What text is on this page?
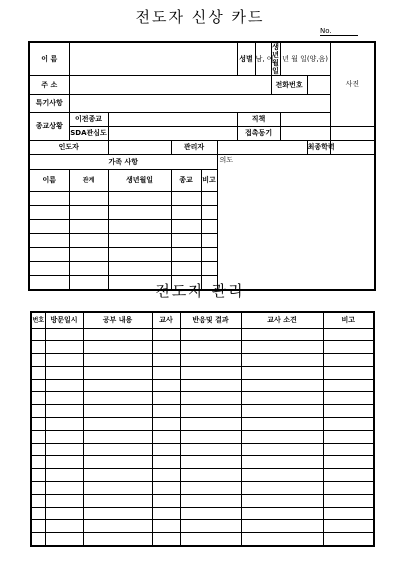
전도자 신상 카드
No.
이 름						성별	남, 여	생년월일	년 월 일(양,음)		사진
주 소								전화번호			
특기사항											
종교상황	이전종교					직책					
	SDA관심도					접촉동기					
인도자			관리자							최종학력	
가족 사항					의도						
이름	관계	생년월일	종교	비고							

전도자 관리
번호	방문일시	공부 내용	교사	반응및 결과	교사 소견	비고
